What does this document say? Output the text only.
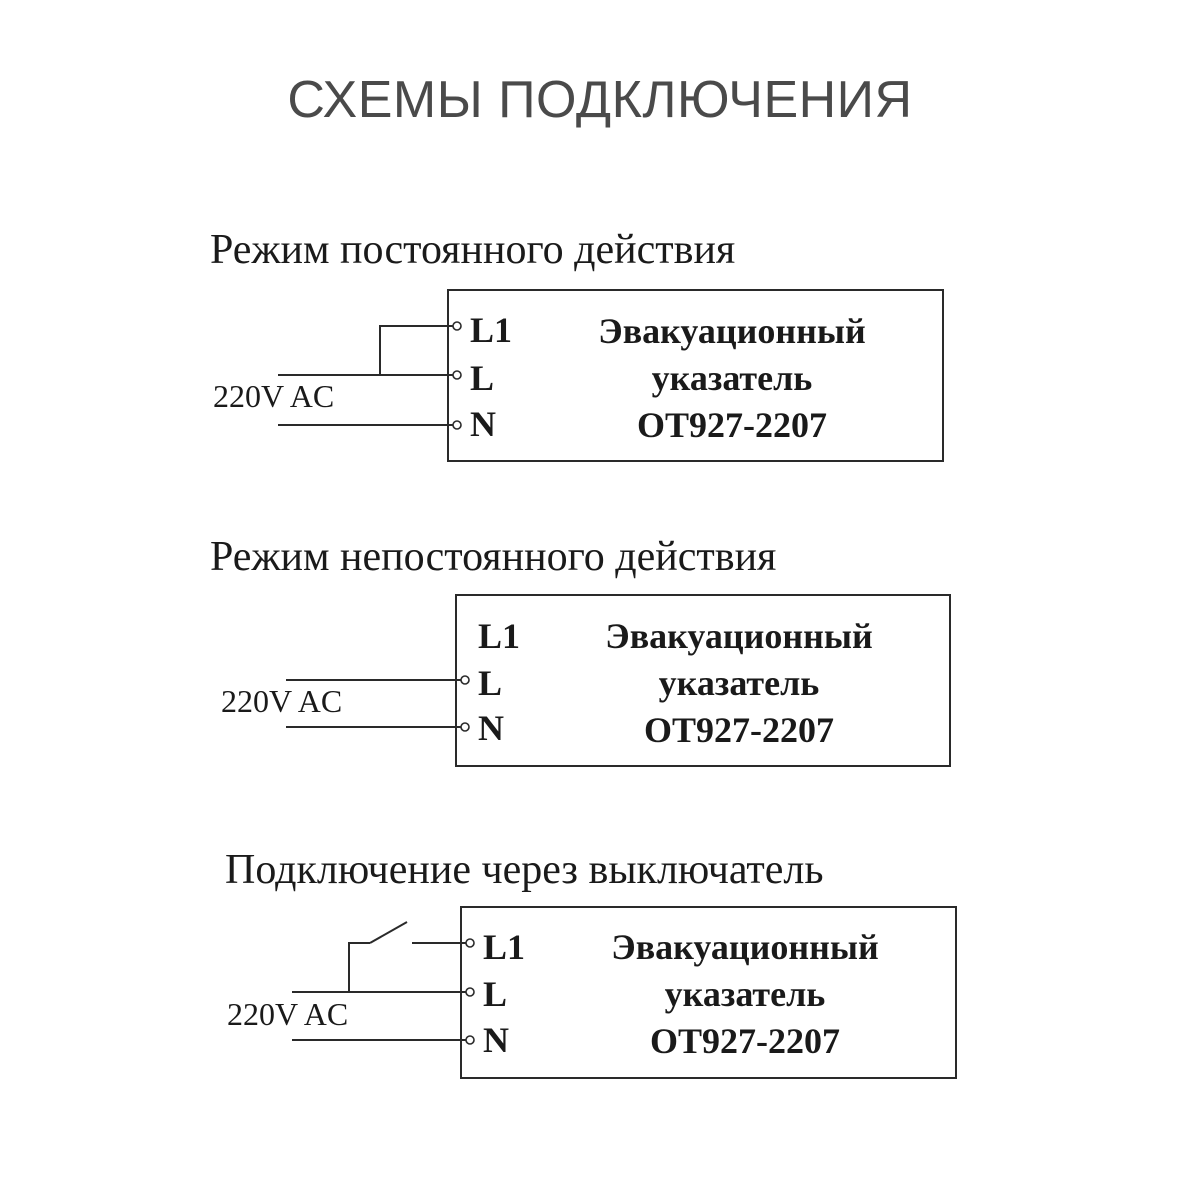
СХЕМЫ ПОДКЛЮЧЕНИЯ
Режим постоянного действия
220V AC
L1
L
N
Эвакуационный
указатель
OT927-2207
Режим непостоянного действия
220V AC
L1
L
N
Эвакуационный
указатель
OT927-2207
Подключение через выключатель
220V AC
L1
L
N
Эвакуационный
указатель
OT927-2207
